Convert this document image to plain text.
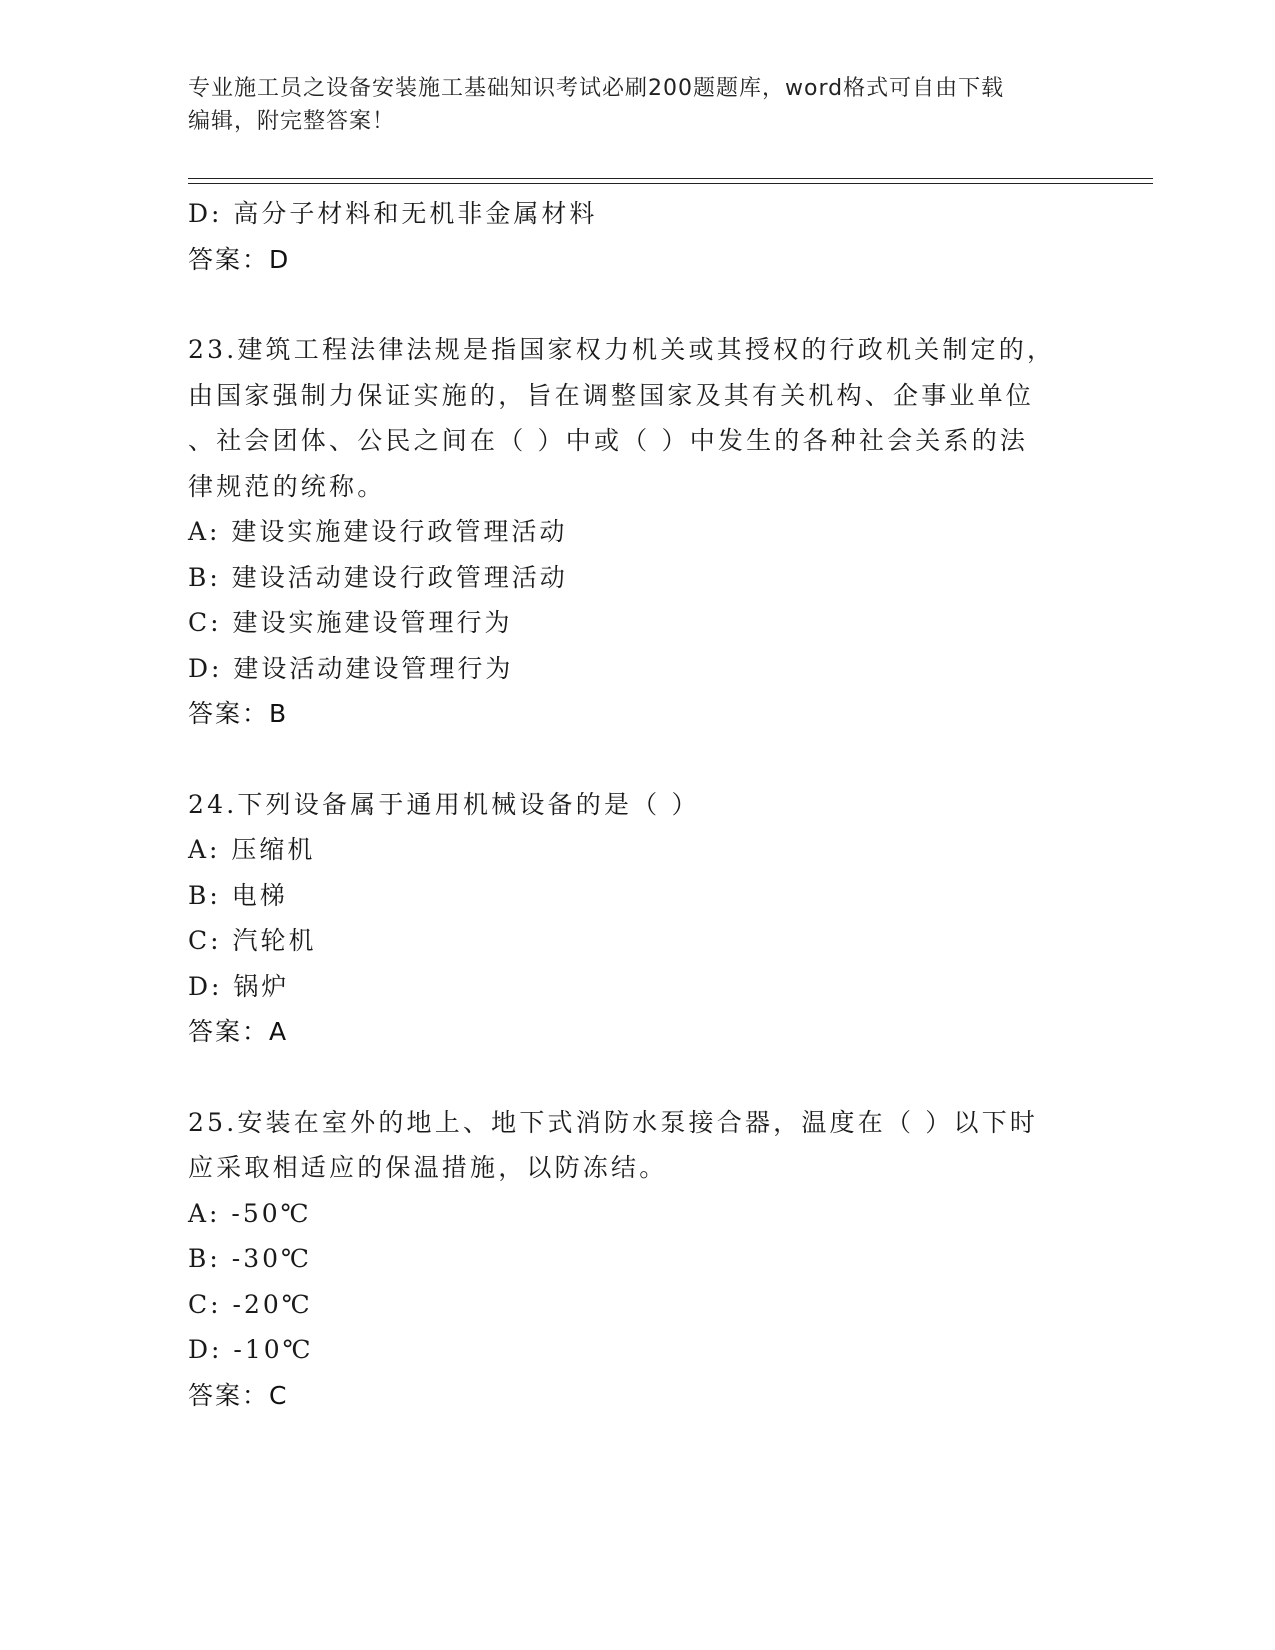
专业施工员之设备安装施工基础知识考试必刷200题题库，word格式可自由下载
编辑，附完整答案！
D: 高分子材料和无机非金属材料
答案：D
23.建筑工程法律法规是指国家权力机关或其授权的行政机关制定的，
由国家强制力保证实施的，旨在调整国家及其有关机构、企事业单位
、社会团体、公民之间在（ ）中或（ ）中发生的各种社会关系的法
律规范的统称。
A: 建设实施建设行政管理活动
B: 建设活动建设行政管理活动
C: 建设实施建设管理行为
D: 建设活动建设管理行为
答案：B
24.下列设备属于通用机械设备的是（ ）
A: 压缩机
B: 电梯
C: 汽轮机
D: 锅炉
答案：A
25.安装在室外的地上、地下式消防水泵接合器，温度在（ ）以下时
应采取相适应的保温措施，以防冻结。
A: -50℃
B: -30℃
C: -20℃
D: -10℃
答案：C
